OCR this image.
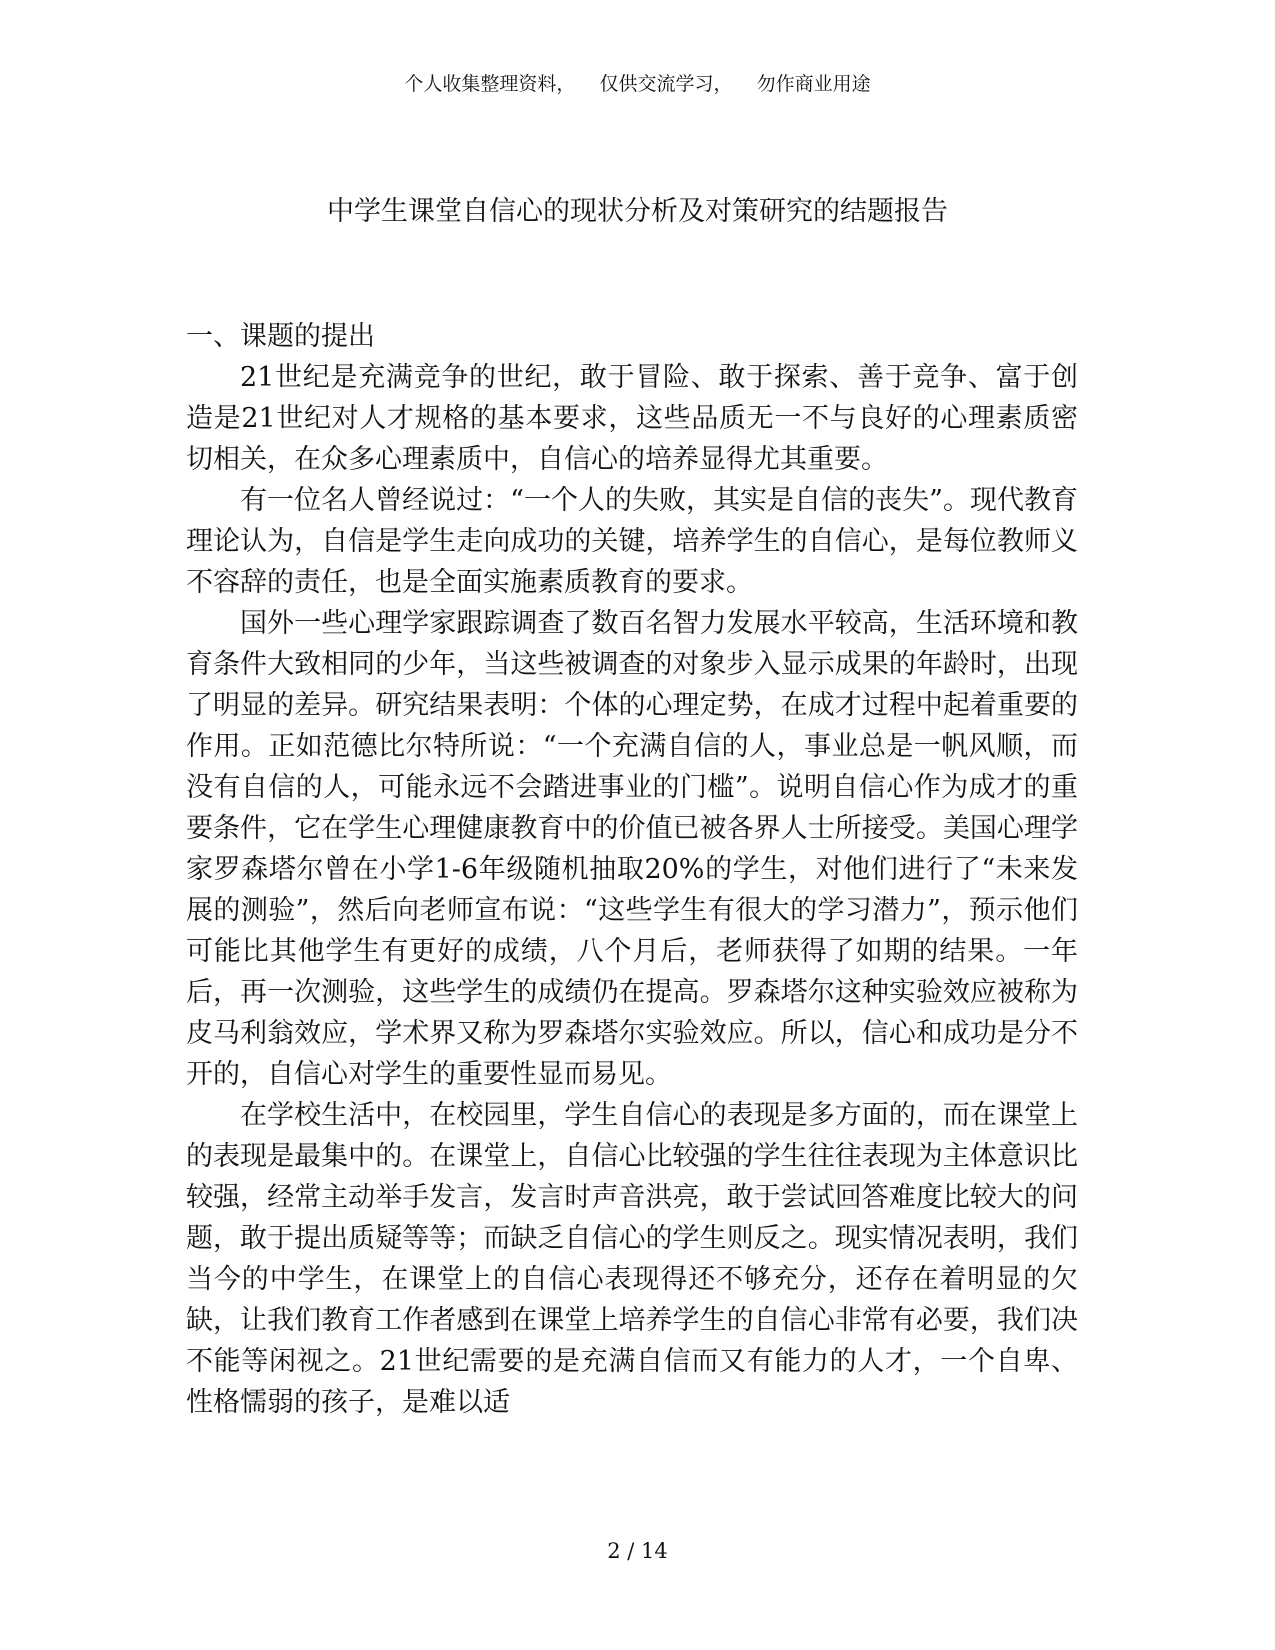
个人收集整理资料，    仅供交流学习，    勿作商业用途
中学生课堂自信心的现状分析及对策研究的结题报告
一、课题的提出

21世纪是充满竞争的世纪，敢于冒险、敢于探索、善于竞争、富于创造是21世纪对人才规格的基本要求，这些品质无一不与良好的心理素质密切相关，在众多心理素质中，自信心的培养显得尤其重要。

有一位名人曾经说过：“一个人的失败，其实是自信的丧失”。现代教育理论认为，自信是学生走向成功的关键，培养学生的自信心，是每位教师义不容辞的责任，也是全面实施素质教育的要求。

国外一些心理学家跟踪调查了数百名智力发展水平较高，生活环境和教育条件大致相同的少年，当这些被调查的对象步入显示成果的年龄时，出现了明显的差异。研究结果表明：个体的心理定势，在成才过程中起着重要的作用。正如范德比尔特所说：“一个充满自信的人，事业总是一帆风顺，而没有自信的人，可能永远不会踏进事业的门槛”。说明自信心作为成才的重要条件，它在学生心理健康教育中的价值已被各界人士所接受。美国心理学家罗森塔尔曾在小学1-6年级随机抽取20%的学生，对他们进行了“未来发展的测验”，然后向老师宣布说：“这些学生有很大的学习潜力”，预示他们可能比其他学生有更好的成绩，八个月后，老师获得了如期的结果。一年后，再一次测验，这些学生的成绩仍在提高。罗森塔尔这种实验效应被称为皮马利翁效应，学术界又称为罗森塔尔实验效应。所以，信心和成功是分不开的，自信心对学生的重要性显而易见。

在学校生活中，在校园里，学生自信心的表现是多方面的，而在课堂上的表现是最集中的。在课堂上，自信心比较强的学生往往表现为主体意识比较强，经常主动举手发言，发言时声音洪亮，敢于尝试回答难度比较大的问题，敢于提出质疑等等；而缺乏自信心的学生则反之。现实情况表明，我们当今的中学生，在课堂上的自信心表现得还不够充分，还存在着明显的欠缺，让我们教育工作者感到在课堂上培养学生的自信心非常有必要，我们决不能等闲视之。21世纪需要的是充满自信而又有能力的人才，一个自卑、性格懦弱的孩子，是难以适

2 / 14
